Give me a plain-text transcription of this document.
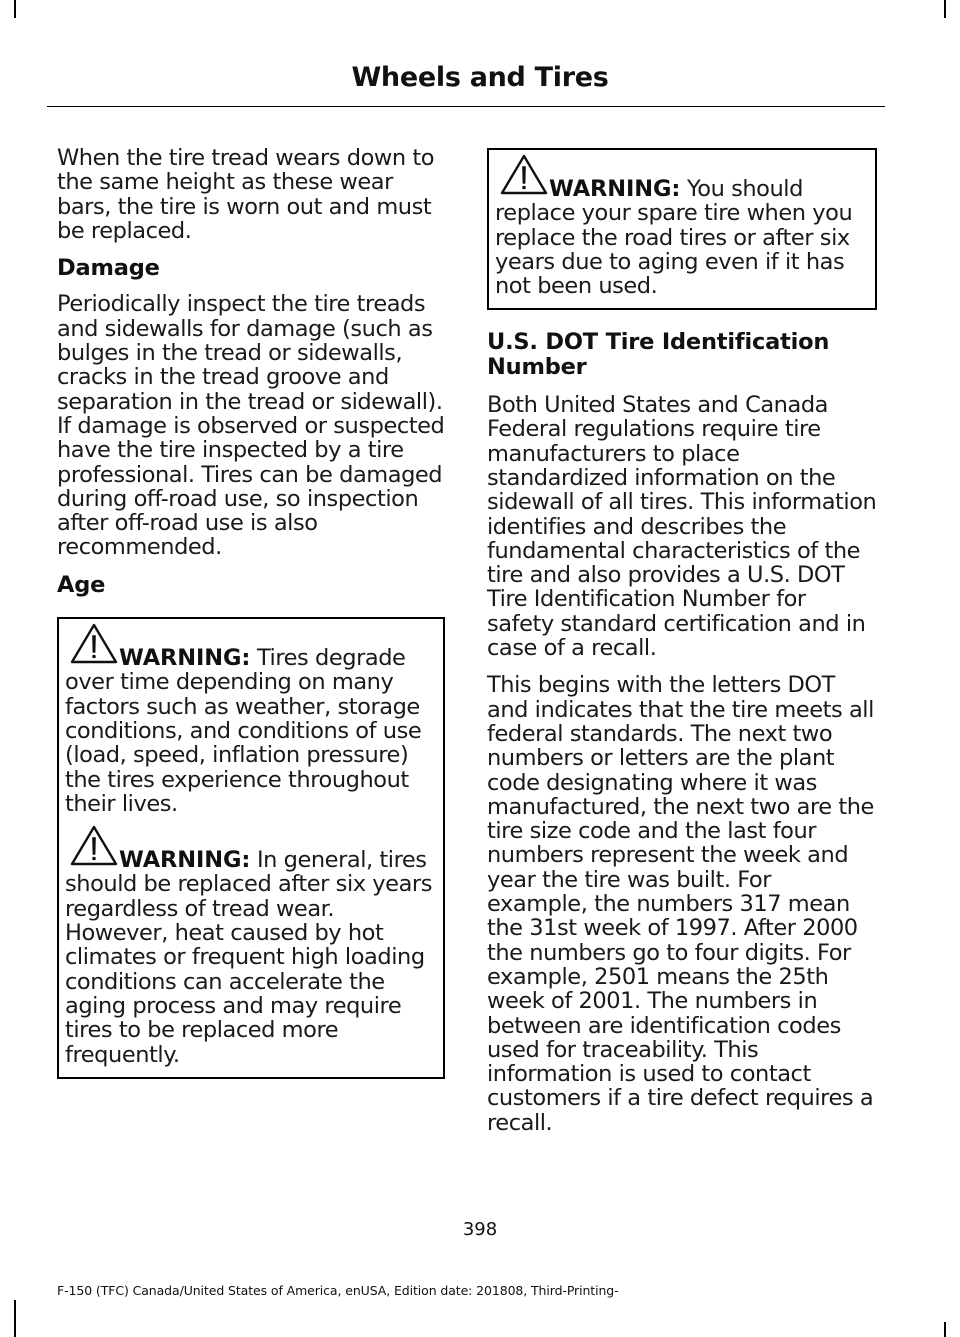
Wheels and Tires

When the tire tread wears down to the same height as these wear bars, the tire is worn out and must be replaced.

Damage

Periodically inspect the tire treads and sidewalls for damage (such as bulges in the tread or sidewalls, cracks in the tread groove and separation in the tread or sidewall). If damage is observed or suspected have the tire inspected by a tire professional. Tires can be damaged during off-road use, so inspection after off-road use is also recommended.

Age

WARNING: Tires degrade over time depending on many factors such as weather, storage conditions, and conditions of use (load, speed, inflation pressure) the tires experience throughout their lives.

WARNING: In general, tires should be replaced after six years regardless of tread wear. However, heat caused by hot climates or frequent high loading conditions can accelerate the aging process and may require tires to be replaced more frequently.

WARNING: You should replace your spare tire when you replace the road tires or after six years due to aging even if it has not been used.

U.S. DOT Tire Identification Number

Both United States and Canada Federal regulations require tire manufacturers to place standardized information on the sidewall of all tires. This information identifies and describes the fundamental characteristics of the tire and also provides a U.S. DOT Tire Identification Number for safety standard certification and in case of a recall.

This begins with the letters DOT and indicates that the tire meets all federal standards. The next two numbers or letters are the plant code designating where it was manufactured, the next two are the tire size code and the last four numbers represent the week and year the tire was built. For example, the numbers 317 mean the 31st week of 1997. After 2000 the numbers go to four digits. For example, 2501 means the 25th week of 2001. The numbers in between are identification codes used for traceability. This information is used to contact customers if a tire defect requires a recall.

398
F-150 (TFC) Canada/United States of America, enUSA, Edition date: 201808, Third-Printing-
